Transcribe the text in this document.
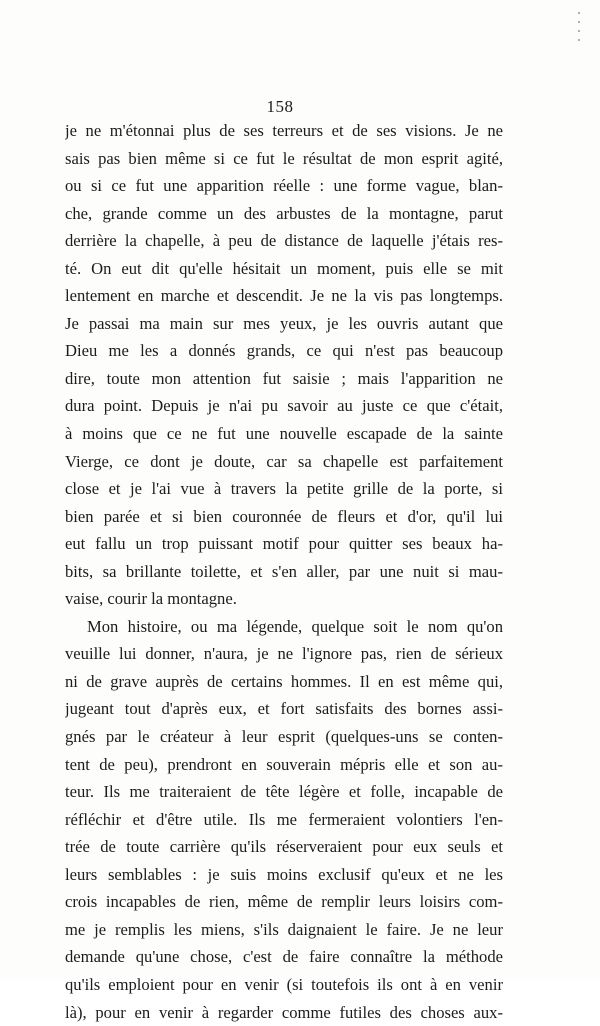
158
je ne m'étonnai plus de ses terreurs et de ses visions. Je ne
sais pas bien même si ce fut le résultat de mon esprit agité,
ou si ce fut une apparition réelle : une forme vague, blan-
che, grande comme un des arbustes de la montagne, parut
derrière la chapelle, à peu de distance de laquelle j'étais res-
té. On eut dit qu'elle hésitait un moment, puis elle se mit
lentement en marche et descendit. Je ne la vis pas longtemps.
Je passai ma main sur mes yeux, je les ouvris autant que
Dieu me les a donnés grands, ce qui n'est pas beaucoup
dire, toute mon attention fut saisie ; mais l'apparition ne
dura point. Depuis je n'ai pu savoir au juste ce que c'était,
à moins que ce ne fut une nouvelle escapade de la sainte
Vierge, ce dont je doute, car sa chapelle est parfaitement
close et je l'ai vue à travers la petite grille de la porte, si
bien parée et si bien couronnée de fleurs et d'or, qu'il lui
eut fallu un trop puissant motif pour quitter ses beaux ha-
bits, sa brillante toilette, et s'en aller, par une nuit si mau-
vaise, courir la montagne.
Mon histoire, ou ma légende, quelque soit le nom qu'on
veuille lui donner, n'aura, je ne l'ignore pas, rien de sérieux
ni de grave auprès de certains hommes. Il en est même qui,
jugeant tout d'après eux, et fort satisfaits des bornes assi-
gnés par le créateur à leur esprit (quelques-uns se conten-
tent de peu), prendront en souverain mépris elle et son au-
teur. Ils me traiteraient de tête légère et folle, incapable de
réfléchir et d'être utile. Ils me fermeraient volontiers l'en-
trée de toute carrière qu'ils réserveraient pour eux seuls et
leurs semblables : je suis moins exclusif qu'eux et ne les
crois incapables de rien, même de remplir leurs loisirs com-
me je remplis les miens, s'ils daignaient le faire. Je ne leur
demande qu'une chose, c'est de faire connaître la méthode
qu'ils emploient pour en venir (si toutefois ils ont à en venir
là), pour en venir à regarder comme futiles des choses aux-
